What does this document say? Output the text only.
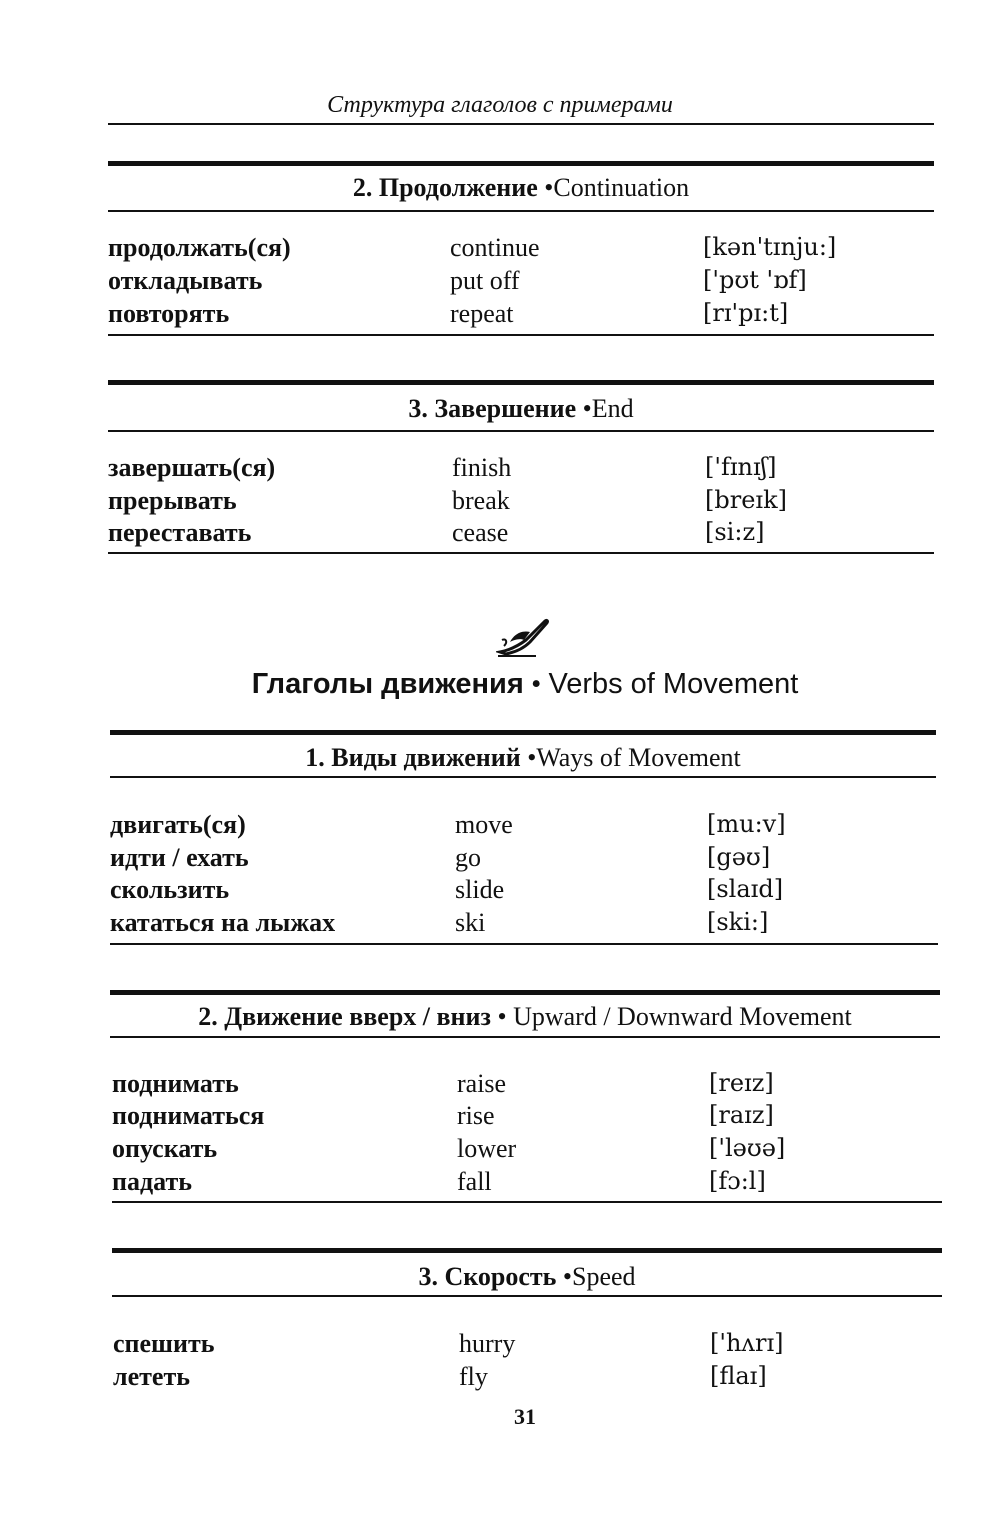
Структура глаголов с примерами
2. Продолжение •Continuation
продолжать(ся)	continue	[kən'tɪnju:]
откладывать	put off	['pʊt 'ɒf]
повторять	repeat	[rɪ'pɪ:t]
3. Завершение •End
завершать(ся)	finish	['fɪnɪʃ]
прерывать	break	[breɪk]
переставать	cease	[si:z]
Глаголы движения • Verbs of Movement
1. Виды движений •Ways of Movement
двигать(ся)	move	[mu:v]
идти / ехать	go	[gəʊ]
скользить	slide	[slaɪd]
кататься на лыжах	ski	[ski:]
2. Движение вверх / вниз • Upward / Downward Movement
поднимать	raise	[reɪz]
подниматься	rise	[raɪz]
опускать	lower	['ləʊə]
падать	fall	[fɔ:l]
3. Скорость •Speed
спешить	hurry	['hʌrɪ]
лететь	fly	[flaɪ]
31
